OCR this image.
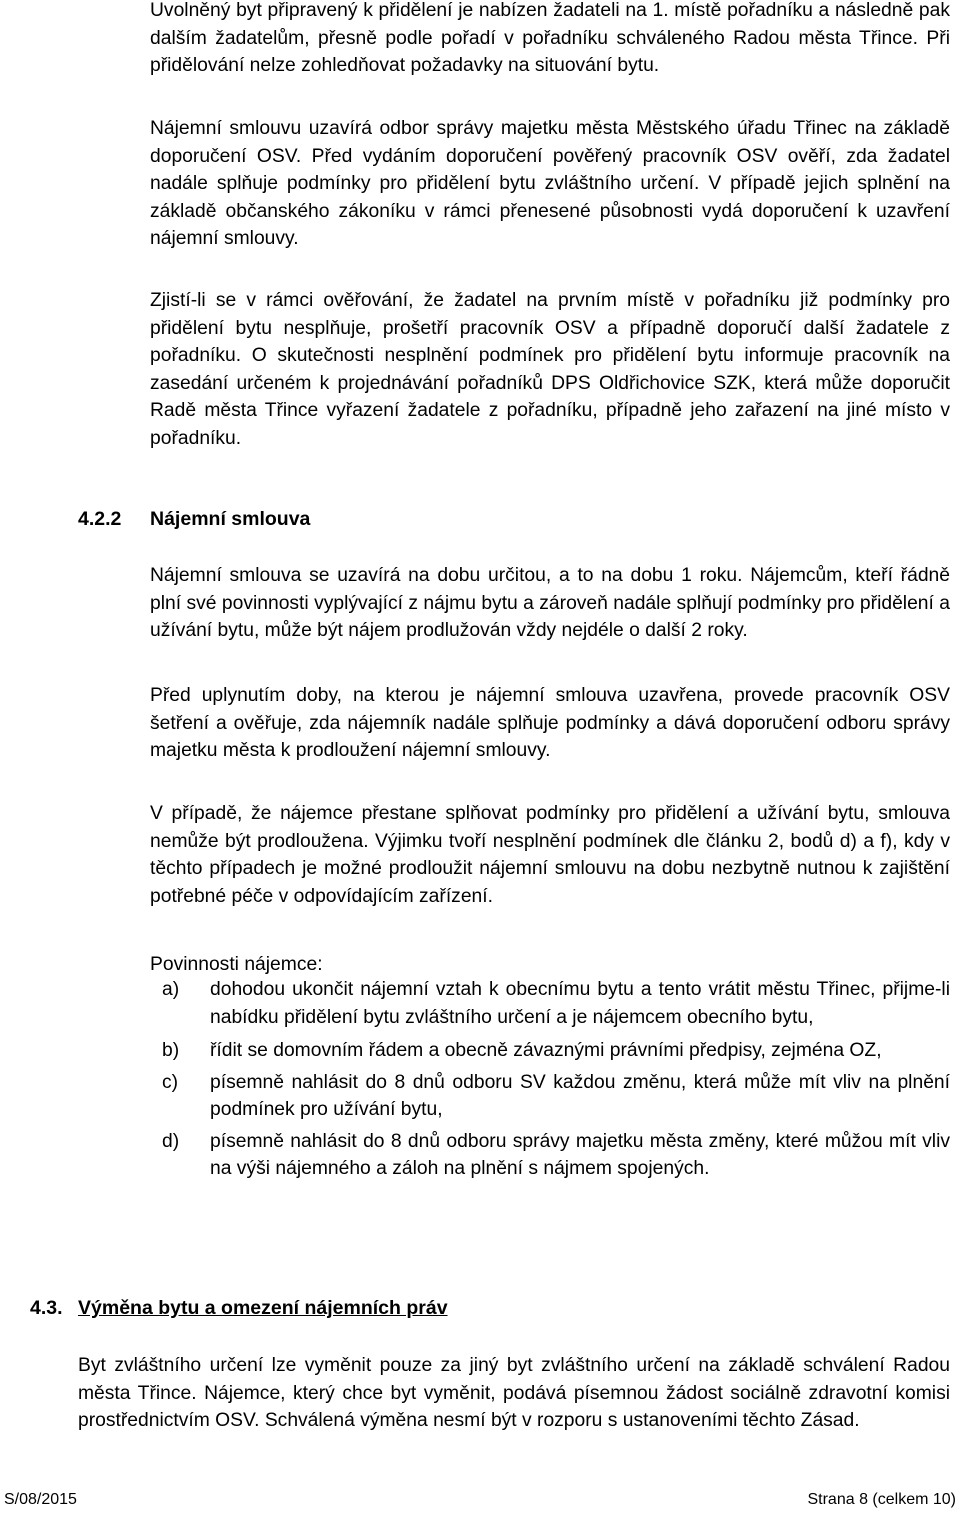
Uvolněný byt připravený k přidělení je nabízen žadateli na 1. místě pořadníku a následně pak dalším žadatelům, přesně podle pořadí v pořadníku schváleného Radou města Třince. Při přidělování nelze zohledňovat požadavky na situování bytu.

Nájemní smlouvu uzavírá odbor správy majetku města Městského úřadu Třinec na základě doporučení OSV. Před vydáním doporučení pověřený pracovník OSV ověří, zda žadatel nadále splňuje podmínky pro přidělení bytu zvláštního určení. V případě jejich splnění na základě občanského zákoníku v rámci přenesené působnosti vydá doporučení k uzavření nájemní smlouvy.

Zjistí-li se v rámci ověřování, že žadatel na prvním místě v pořadníku již podmínky pro přidělení bytu nesplňuje, prošetří pracovník OSV a případně doporučí další žadatele z pořadníku. O skutečnosti nesplnění podmínek pro přidělení bytu informuje pracovník na zasedání určeném k projednávání pořadníků DPS Oldřichovice SZK, která může doporučit Radě města Třince vyřazení žadatele z pořadníku, případně jeho zařazení na jiné místo v pořadníku.

4.2.2 Nájemní smlouva

Nájemní smlouva se uzavírá na dobu určitou, a to na dobu 1 roku. Nájemcům, kteří řádně plní své povinnosti vyplývající z nájmu bytu a zároveň nadále splňují podmínky pro přidělení a užívání bytu, může být nájem prodlužován vždy nejdéle o další 2 roky.

Před uplynutím doby, na kterou je nájemní smlouva uzavřena, provede pracovník OSV šetření a ověřuje, zda nájemník nadále splňuje podmínky a dává doporučení odboru správy majetku města k prodloužení nájemní smlouvy.

V případě, že nájemce přestane splňovat podmínky pro přidělení a užívání bytu, smlouva nemůže být prodloužena. Výjimku tvoří nesplnění podmínek dle článku 2, bodů d) a f), kdy v těchto případech je možné prodloužit nájemní smlouvu na dobu nezbytně nutnou k zajištění potřebné péče v odpovídajícím zařízení.

Povinnosti nájemce:

a) dohodou ukončit nájemní vztah k obecnímu bytu a tento vrátit městu Třinec, přijme-li nabídku přidělení bytu zvláštního určení a je nájemcem obecního bytu,
b) řídit se domovním řádem a obecně závaznými právními předpisy, zejména OZ,
c) písemně nahlásit do 8 dnů odboru SV každou změnu, která může mít vliv na plnění podmínek pro užívání bytu,
d) písemně nahlásit do 8 dnů odboru správy majetku města změny, které můžou mít vliv na výši nájemného a záloh na plnění s nájmem spojených.
4.3. Výměna bytu a omezení nájemních práv

Byt zvláštního určení lze vyměnit pouze za jiný byt zvláštního určení na základě schválení Radou města Třince. Nájemce, který chce byt vyměnit, podává písemnou žádost sociálně zdravotní komisi prostřednictvím OSV. Schválená výměna nesmí být v rozporu s ustanoveními těchto Zásad.

S/08/2015	Strana 8 (celkem 10)
